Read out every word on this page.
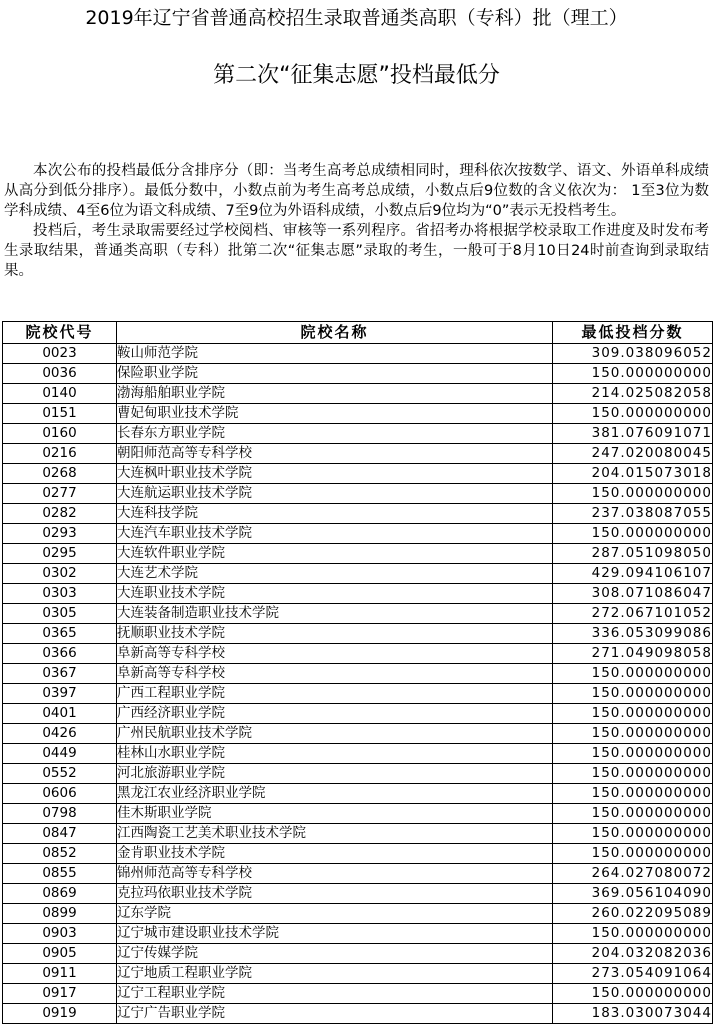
2019年辽宁省普通高校招生录取普通类高职（专科）批（理工）
第二次“征集志愿”投档最低分

本次公布的投档最低分含排序分（即：当考生高考总成绩相同时，理科依次按数学、语文、外语单科成绩从高分到低分排序）。最低分数中，小数点前为考生高考总成绩，小数点后9位数的含义依次为： 1至3位为数学科成绩、4至6位为语文科成绩、7至9位为外语科成绩，小数点后9位均为“0”表示无投档考生。

投档后，考生录取需要经过学校阅档、审核等一系列程序。省招考办将根据学校录取工作进度及时发布考生录取结果，普通类高职（专科）批第二次“征集志愿”录取的考生，一般可于8月10日24时前查询到录取结果。

院校代号	院校名称	最低投档分数
0023	鞍山师范学院	309.038096052
0036	保险职业学院	150.000000000
0140	渤海船舶职业学院	214.025082058
0151	曹妃甸职业技术学院	150.000000000
0160	长春东方职业学院	381.076091071
0216	朝阳师范高等专科学校	247.020080045
0268	大连枫叶职业技术学院	204.015073018
0277	大连航运职业技术学院	150.000000000
0282	大连科技学院	237.038087055
0293	大连汽车职业技术学院	150.000000000
0295	大连软件职业学院	287.051098050
0302	大连艺术学院	429.094106107
0303	大连职业技术学院	308.071086047
0305	大连装备制造职业技术学院	272.067101052
0365	抚顺职业技术学院	336.053099086
0366	阜新高等专科学校	271.049098058
0367	阜新高等专科学校	150.000000000
0397	广西工程职业学院	150.000000000
0401	广西经济职业学院	150.000000000
0426	广州民航职业技术学院	150.000000000
0449	桂林山水职业学院	150.000000000
0552	河北旅游职业学院	150.000000000
0606	黑龙江农业经济职业学院	150.000000000
0798	佳木斯职业学院	150.000000000
0847	江西陶瓷工艺美术职业技术学院	150.000000000
0852	金肯职业技术学院	150.000000000
0855	锦州师范高等专科学校	264.027080072
0869	克拉玛依职业技术学院	369.056104090
0899	辽东学院	260.022095089
0903	辽宁城市建设职业技术学院	150.000000000
0905	辽宁传媒学院	204.032082036
0911	辽宁地质工程职业学院	273.054091064
0917	辽宁工程职业学院	150.000000000
0919	辽宁广告职业学院	183.030073044
